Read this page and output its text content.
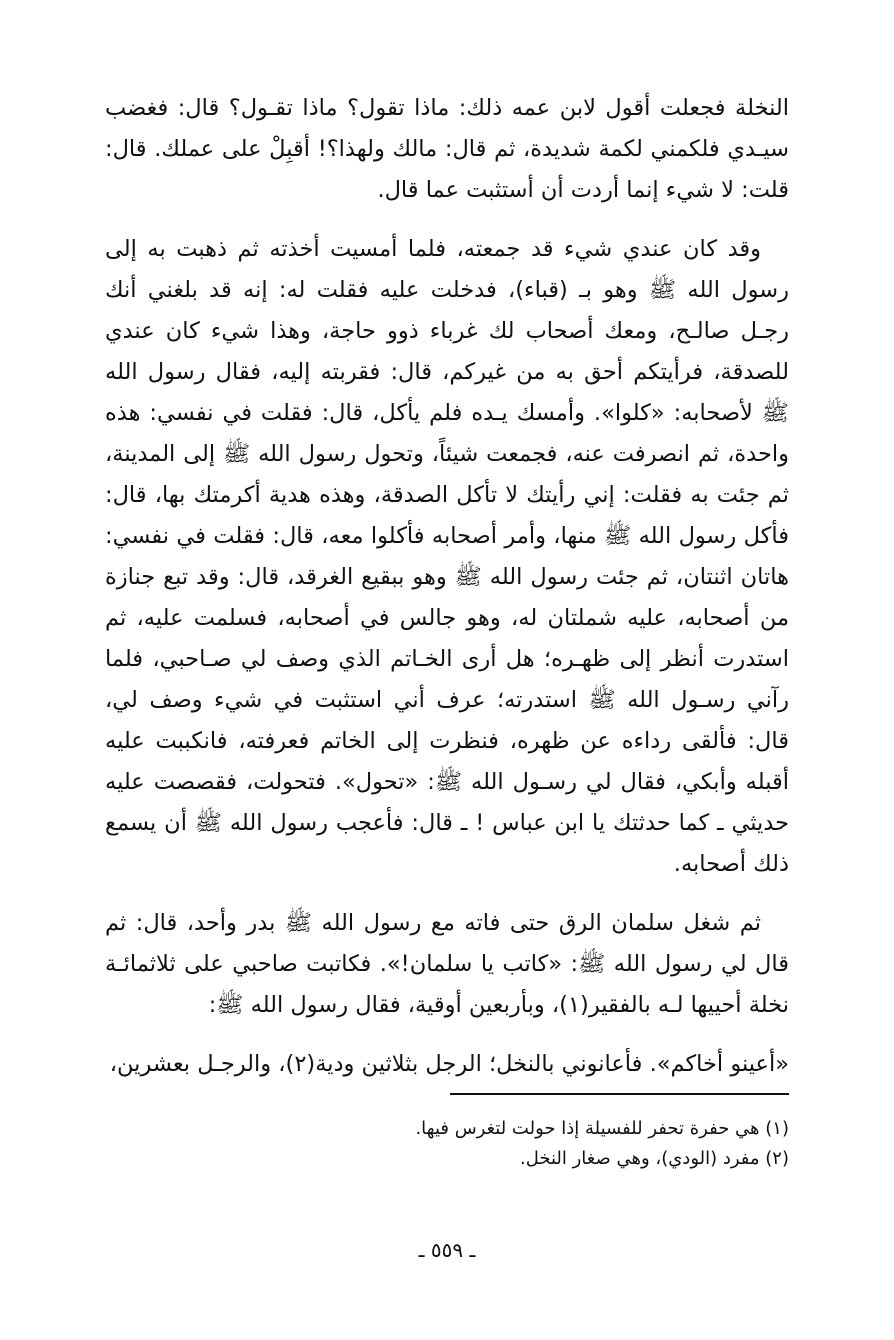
النخلة فجعلت أقول لابن عمه ذلك: ماذا تقول؟ ماذا تقـول؟ قال: فغضب سيـدي فلكمني لكمة شديدة، ثم قال: مالك ولهذا؟! أقبِلْ على عملك. قال: قلت: لا شيء إنما أردت أن أستثبت عما قال.

وقد كان عندي شيء قد جمعته، فلما أمسيت أخذته ثم ذهبت به إلى رسول الله ﷺ وهو بـ (قباء)، فدخلت عليه فقلت له: إنه قد بلغني أنك رجـل صالـح، ومعك أصحاب لك غرباء ذوو حاجة، وهذا شيء كان عندي للصدقة، فرأيتكم أحق به من غيركم، قال: فقربته إليه، فقال رسول الله ﷺ لأصحابه: «كلوا». وأمسك يـده فلم يأكل، قال: فقلت في نفسي: هذه واحدة، ثم انصرفت عنه، فجمعت شيئاً، وتحول رسول الله ﷺ إلى المدينة، ثم جئت به فقلت: إني رأيتك لا تأكل الصدقة، وهذه هدية أكرمتك بها، قال: فأكل رسول الله ﷺ منها، وأمر أصحابه فأكلوا معه، قال: فقلت في نفسي: هاتان اثنتان، ثم جئت رسول الله ﷺ وهو ببقيع الغرقد، قال: وقد تبع جنازة من أصحابه، عليه شملتان له، وهو جالس في أصحابه، فسلمت عليه، ثم استدرت أنظر إلى ظهـره؛ هل أرى الخـاتم الذي وصف لي صـاحبي، فلما رآني رسـول الله ﷺ استدرته؛ عرف أني استثبت في شيء وصف لي، قال: فألقى رداءه عن ظهره، فنظرت إلى الخاتم فعرفته، فانكببت عليه أقبله وأبكي، فقال لي رسـول الله ﷺ: «تحول». فتحولت، فقصصت عليه حديثي ـ كما حدثتك يا ابن عباس ! ـ قال: فأعجب رسول الله ﷺ أن يسمع ذلك أصحابه.

ثم شغل سلمان الرق حتى فاته مع رسول الله ﷺ بدر وأحد، قال: ثم قال لي رسول الله ﷺ: «كاتب يا سلمان!». فكاتبت صاحبي على ثلاثمائـة نخلة أحييها لـه بالفقير(١)، وبأربعين أوقية، فقال رسول الله ﷺ:

«أعينو أخاكم». فأعانوني بالنخل؛ الرجل بثلاثين ودية(٢)، والرجـل بعشرين،

(١) هي حفرة تحفر للفسيلة إذا حولت لتغرس فيها.

(٢) مفرد (الودي)، وهي صغار النخل.

ـ ٥٥٩ ـ
